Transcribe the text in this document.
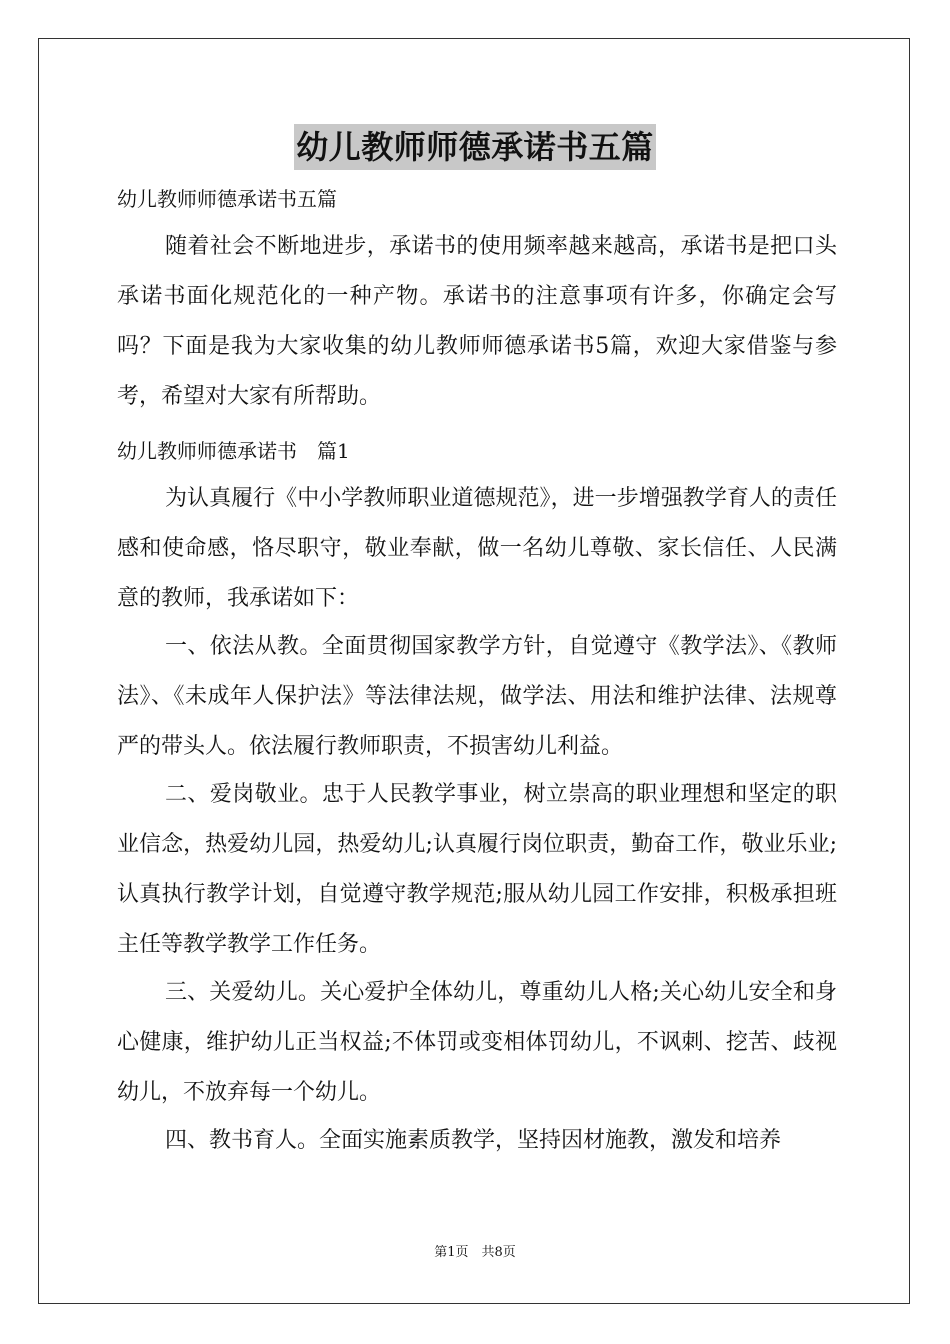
幼儿教师师德承诺书五篇
幼儿教师师德承诺书五篇

随着社会不断地进步，承诺书的使用频率越来越高，承诺书是把口头承诺书面化规范化的一种产物。承诺书的注意事项有许多，你确定会写吗？下面是我为大家收集的幼儿教师师德承诺书5篇，欢迎大家借鉴与参考，希望对大家有所帮助。

幼儿教师师德承诺书　篇1

为认真履行《中小学教师职业道德规范》，进一步增强教学育人的责任感和使命感，恪尽职守，敬业奉献，做一名幼儿尊敬、家长信任、人民满意的教师，我承诺如下：

一、依法从教。全面贯彻国家教学方针，自觉遵守《教学法》、《教师法》、《未成年人保护法》等法律法规，做学法、用法和维护法律、法规尊严的带头人。依法履行教师职责，不损害幼儿利益。

二、爱岗敬业。忠于人民教学事业，树立崇高的职业理想和坚定的职业信念，热爱幼儿园，热爱幼儿;认真履行岗位职责，勤奋工作，敬业乐业;认真执行教学计划，自觉遵守教学规范;服从幼儿园工作安排，积极承担班主任等教学教学工作任务。

三、关爱幼儿。关心爱护全体幼儿，尊重幼儿人格;关心幼儿安全和身心健康，维护幼儿正当权益;不体罚或变相体罚幼儿，不讽刺、挖苦、歧视幼儿，不放弃每一个幼儿。

四、教书育人。全面实施素质教学，坚持因材施教，激发和培养

第1页　共8页
